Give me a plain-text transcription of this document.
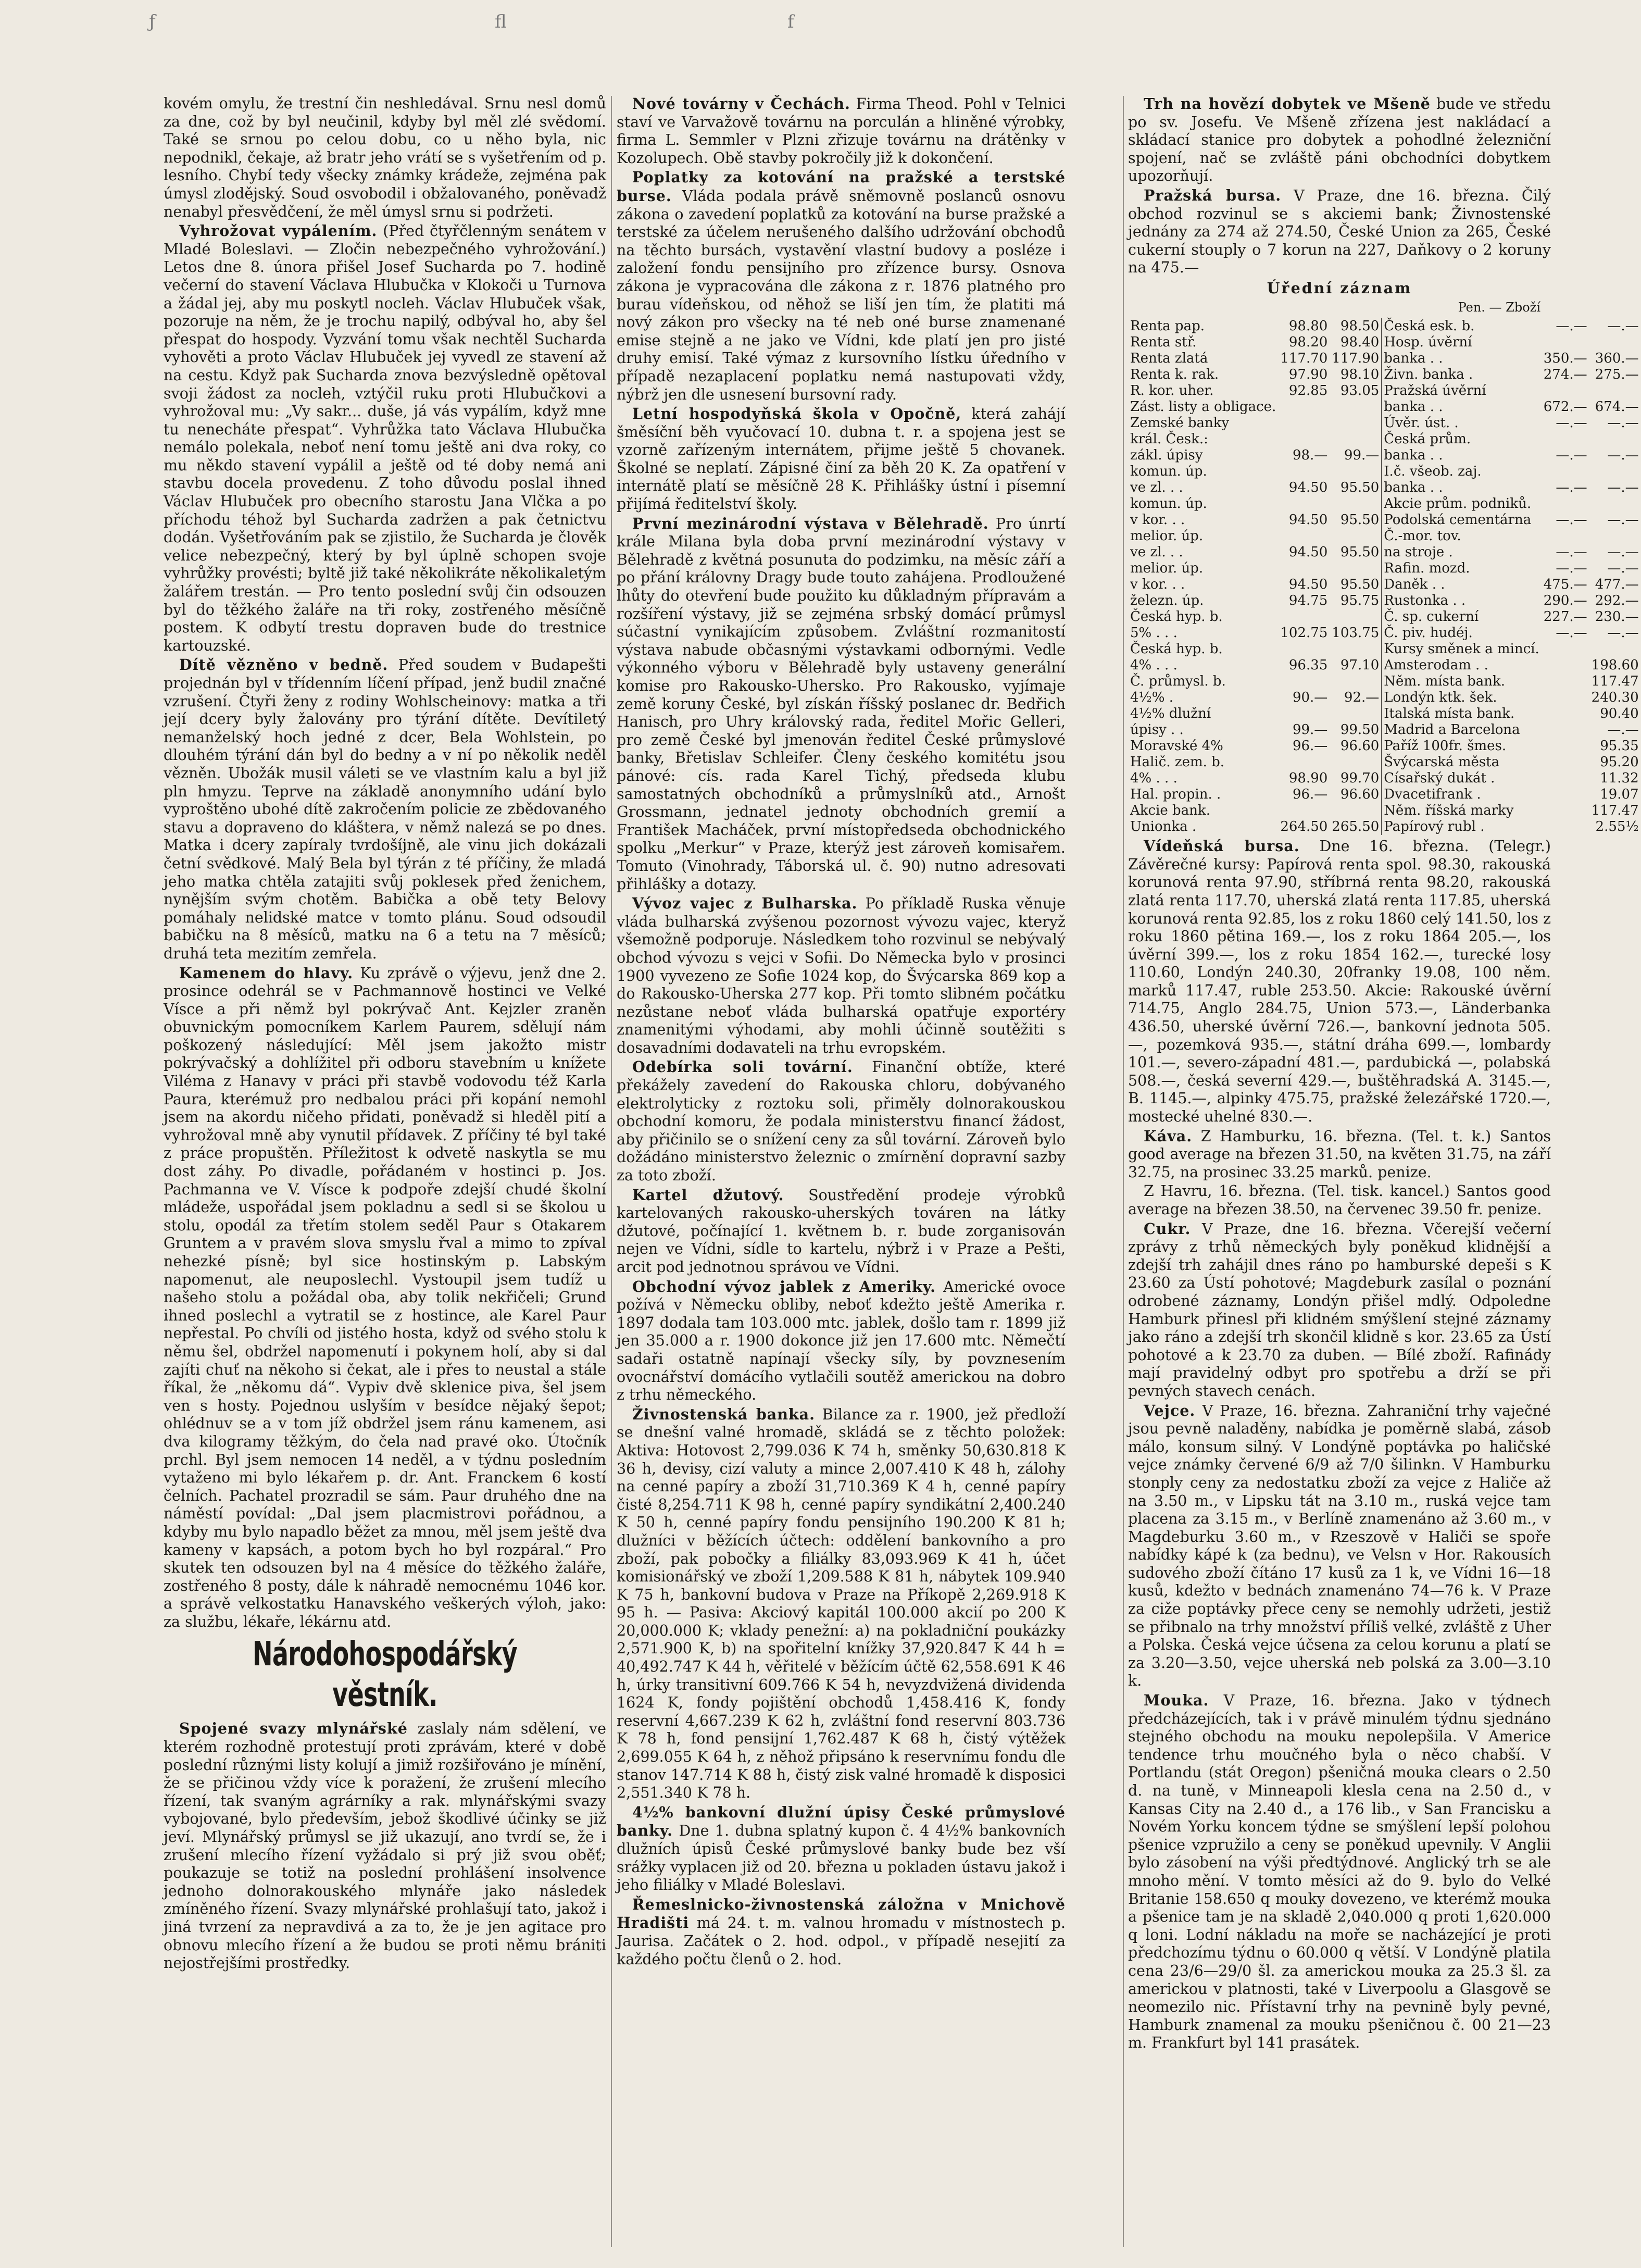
ƒ	fl	f

kovém omylu, že trestní čin neshledával. Srnu nesl domů za dne, což by byl neučinil, kdyby byl měl zlé svědomí. Také se srnou po celou dobu, co u něho byla, nic nepodnikl, čekaje, až bratr jeho vrátí se s vyšetřením od p. lesního. Chybí tedy všecky známky krádeže, zejména pak úmysl zlodějský. Soud osvobodil i obžalovaného, poněvadž nenabyl přesvědčení, že měl úmysl srnu si podržeti.

Vyhrožovat vypálením. (Před čtyřčlenným senátem v Mladé Boleslavi. — Zločin nebezpečného vyhrožování.) Letos dne 8. února přišel Josef Sucharda po 7. hodině večerní do stavení Václava Hlubučka v Klokoči u Turnova a žádal jej, aby mu poskytl nocleh. Václav Hlubuček však, pozoruje na něm, že je trochu napilý, odbýval ho, aby šel přespat do hospody. Vyzvání tomu však nechtěl Sucharda vyhověti a proto Václav Hlubuček jej vyvedl ze stavení až na cestu. Když pak Sucharda znova bezvýsledně opětoval svoji žádost za nocleh, vztýčil ruku proti Hlubučkovi a vyhrožoval mu: „Vy sakr... duše, já vás vypálím, když mne tu nenecháte přespat“. Vyhrůžka tato Václava Hlubučka nemálo polekala, neboť není tomu ještě ani dva roky, co mu někdo stavení vypálil a ještě od té doby nemá ani stavbu docela provedenu. Z toho důvodu poslal ihned Václav Hlubuček pro obecního starostu Jana Vlčka a po příchodu téhož byl Sucharda zadržen a pak četnictvu dodán. Vyšetřováním pak se zjistilo, že Sucharda je člověk velice nebezpečný, který by byl úplně schopen svoje vyhrůžky provésti; byltě již také několikráte několikaletým žalářem trestán. — Pro tento poslední svůj čin odsouzen byl do těžkého žaláře na tři roky, zostřeného měsíčně postem. K odbytí trestu dopraven bude do trestnice kartouzské.

Dítě vězněno v bedně. Před soudem v Budapešti projednán byl v třídenním líčení případ, jenž budil značné vzrušení. Čtyři ženy z rodiny Wohlscheinovy: matka a tři její dcery byly žalovány pro týrání dítěte. Devítiletý nemanželský hoch jedné z dcer, Bela Wohlstein, po dlouhém týrání dán byl do bedny a v ní po několik neděl vězněn. Ubožák musil váleti se ve vlastním kalu a byl již pln hmyzu. Teprve na základě anonymního udání bylo vyproštěno ubohé dítě zakročením policie ze zbědovaného stavu a dopraveno do kláštera, v němž nalezá se po dnes. Matka i dcery zapíraly tvrdošíjně, ale vinu jich dokázali četní svědkové. Malý Bela byl týrán z té příčiny, že mladá jeho matka chtěla zatajiti svůj poklesek před ženichem, nynějším svým chotěm. Babička a obě tety Belovy pomáhaly nelidské matce v tomto plánu. Soud odsoudil babičku na 8 měsíců, matku na 6 a tetu na 7 měsíců; druhá teta mezitím zemřela.

Kamenem do hlavy. Ku zprávě o výjevu, jenž dne 2. prosince odehrál se v Pachmannově hostinci ve Velké Vísce a při němž byl pokrývač Ant. Kejzler zraněn obuvnickým pomocníkem Karlem Paurem, sdělují nám poškozený následující: Měl jsem jakožto mistr pokrývačský a dohlížitel při odboru stavebním u knížete Viléma z Hanavy v práci při stavbě vodovodu též Karla Paura, kterémuž pro nedbalou práci při kopání nemohl jsem na akordu ničeho přidati, poněvadž si hleděl pití a vyhrožoval mně aby vynutil přídavek. Z příčiny té byl také z práce propuštěn. Příležitost k odvetě naskytla se mu dost záhy. Po divadle, pořádaném v hostinci p. Jos. Pachmanna ve V. Vísce k podpoře zdejší chudé školní mládeže, uspořádal jsem pokladnu a sedl si se školou u stolu, opodál za třetím stolem seděl Paur s Otakarem Gruntem a v pravém slova smyslu řval a mimo to zpíval nehezké písně; byl sice hostinským p. Labským napomenut, ale neuposlechl. Vystoupil jsem tudíž u našeho stolu a požádal oba, aby tolik nekřičeli; Grund ihned poslechl a vytratil se z hostince, ale Karel Paur nepřestal. Po chvíli od jistého hosta, když od svého stolu k němu šel, obdržel napomenutí i pokynem holí, aby si dal zajíti chuť na někoho si čekat, ale i přes to neustal a stále říkal, že „někomu dá“. Vypiv dvě sklenice piva, šel jsem ven s hosty. Pojednou uslyším v besídce nějaký šepot; ohlédnuv se a v tom jíž obdržel jsem ránu kamenem, asi dva kilogramy těžkým, do čela nad pravé oko. Útočník prchl. Byl jsem nemocen 14 neděl, a v týdnu posledním vytaženo mi bylo lékařem p. dr. Ant. Franckem 6 kostí čelních. Pachatel prozradil se sám. Paur druhého dne na náměstí povídal: „Dal jsem placmistrovi pořádnou, a kdyby mu bylo napadlo běžet za mnou, měl jsem ještě dva kameny v kapsách, a potom bych ho byl rozpáral.“ Pro skutek ten odsouzen byl na 4 měsíce do těžkého žaláře, zostřeného 8 posty, dále k náhradě nemocnému 1046 kor. a správě velkostatku Hanavského veškerých výloh, jako: za službu, lékaře, lékárnu atd.

Národohospodářský věstník.

Spojené svazy mlynářské zaslaly nám sdělení, ve kterém rozhodně protestují proti zprávám, které v době poslední různými listy kolují a jimiž rozšiřováno je mínění, že se přičinou vždy více k poražení, že zrušení mlecího řízení, tak svaným agrárníky a rak. mlynářskými svazy vybojované, bylo především, jebož škodlivé účinky se již jeví. Mlynářský průmysl se již ukazují, ano tvrdí se, že i zrušení mlecího řízení vyžádalo si prý již svou oběť; poukazuje se totiž na poslední prohlášení insolvence jednoho dolnorakouského mlynáře jako následek zmíněného řízení. Svazy mlynářské prohlašují tato, jakož i jiná tvrzení za nepravdivá a za to, že je jen agitace pro obnovu mlecího řízení a že budou se proti němu brániti nejostřejšími prostředky.

Nové továrny v Čechách. Firma Theod. Pohl v Telnici staví ve Varvažově továrnu na porculán a hliněné výrobky, firma L. Semmler v Plzni zřizuje továrnu na drátěnky v Kozolupech. Obě stavby pokročily již k dokončení.

Poplatky za kotování na pražské a terstské burse. Vláda podala právě sněmovně poslanců osnovu zákona o zavedení poplatků za kotování na burse pražské a terstské za účelem nerušeného dalšího udržování obchodů na těchto bursách, vystavění vlastní budovy a posléze i založení fondu pensijního pro zřízence bursy. Osnova zákona je vypracována dle zákona z r. 1876 platného pro burau vídeňskou, od něhož se liší jen tím, že platiti má nový zákon pro všecky na té neb oné burse znamenané emise stejně a ne jako ve Vídni, kde platí jen pro jisté druhy emisí. Také výmaz z kursovního lístku úředního v případě nezaplacení poplatku nemá nastupovati vždy, nýbrž jen dle usnesení bursovní rady.

Letní hospodyňská škola v Opočně, která zahájí šměsíční běh vyučovací 10. dubna t. r. a spojena jest se vzorně zařízeným internátem, přijme ještě 5 chovanek. Školné se neplatí. Zápisné činí za běh 20 K. Za opatření v internátě platí se měsíčně 28 K. Přihlášky ústní i písemní přijímá ředitelství školy.

První mezinárodní výstava v Bělehradě. Pro únrtí krále Milana byla doba první mezinárodní výstavy v Bělehradě z květná posunuta do podzimku, na měsíc září a po přání královny Dragy bude touto zahájena. Prodloužené lhůty do otevření bude použito ku důkladným přípravám a rozšíření výstavy, již se zejména srbský domácí průmysl súčastní vynikajícím způsobem. Zvláštní rozmanitostí výstava nabude občasnými výstavkami odbornými. Vedle výkonného výboru v Bělehradě byly ustaveny generální komise pro Rakousko-Uhersko. Pro Rakousko, vyjímaje země koruny České, byl získán říšský poslanec dr. Bedřich Hanisch, pro Uhry královský rada, ředitel Mořic Gelleri, pro země České byl jmenován ředitel České průmyslové banky, Břetislav Schleifer. Členy českého komitétu jsou pánové: cís. rada Karel Tichý, předseda klubu samostatných obchodníků a průmyslníků atd., Arnošt Grossmann, jednatel jednoty obchodních gremií a František Macháček, první místopředseda obchodnického spolku „Merkur“ v Praze, kterýž jest zároveň komisařem. Tomuto (Vinohrady, Táborská ul. č. 90) nutno adresovati přihlášky a dotazy.

Vývoz vajec z Bulharska. Po příkladě Ruska věnuje vláda bulharská zvýšenou pozornost vývozu vajec, kteryž všemožně podporuje. Následkem toho rozvinul se nebývalý obchod vývozu s vejci v Sofii. Do Německa bylo v prosinci 1900 vyvezeno ze Sofie 1024 kop, do Švýcarska 869 kop a do Rakousko-Uherska 277 kop. Při tomto slibném počátku nezůstane neboť vláda bulharská opatřuje exportéry znamenitými výhodami, aby mohli účinně soutěžiti s dosavadními dodavateli na trhu evropském.

Odebírka soli tovární. Finanční obtíže, které překážely zavedení do Rakouska chloru, dobývaného elektrolyticky z roztoku soli, přiměly dolnorakouskou obchodní komoru, že podala ministerstvu financí žádost, aby přičinilo se o snížení ceny za sůl tovární. Zároveň bylo dožádáno ministerstvo železnic o zmírnění dopravní sazby za toto zboží.

Kartel džutový. Soustředění prodeje výrobků kartelovaných rakousko-uherských továren na látky džutové, počínající 1. květnem b. r. bude zorganisován nejen ve Vídni, sídle to kartelu, nýbrž i v Praze a Pešti, arcit pod jednotnou správou ve Vídni.

Obchodní vývoz jablek z Ameriky. Americké ovoce požívá v Německu obliby, neboť kdežto ještě Amerika r. 1897 dodala tam 103.000 mtc. jablek, došlo tam r. 1899 již jen 35.000 a r. 1900 dokonce již jen 17.600 mtc. Němečtí sadaři ostatně napínají všecky síly, by povznesením ovocnářství domácího vytlačili soutěž americkou na dobro z trhu německého.

Živnostenská banka. Bilance za r. 1900, jež předloží se dnešní valné hromadě, skládá se z těchto položek: Aktiva: Hotovost 2,799.036 K 74 h, směnky 50,630.818 K 36 h, devisy, cizí valuty a mince 2,007.410 K 48 h, zálohy na cenné papíry a zboží 31,710.369 K 4 h, cenné papíry čisté 8,254.711 K 98 h, cenné papíry syndikátní 2,400.240 K 50 h, cenné papíry fondu pensijního 190.200 K 81 h; dlužníci v běžících účtech: oddělení bankovního a pro zboží, pak pobočky a filiálky 83,093.969 K 41 h, účet komisionářský ve zboží 1,209.588 K 81 h, nábytek 109.940 K 75 h, bankovní budova v Praze na Příkopě 2,269.918 K 95 h. — Pasiva: Akciový kapitál 100.000 akcií po 200 K 20,000.000 K; vklady penežní: a) na pokladniční poukázky 2,571.900 K, b) na spořitelní knížky 37,920.847 K 44 h = 40,492.747 K 44 h, věřitelé v běžícím účtě 62,558.691 K 46 h, úrky transitivní 609.766 K 54 h, nevyzdvižená dividenda 1624 K, fondy pojištění obchodů 1,458.416 K, fondy reservní 4,667.239 K 62 h, zvláštní fond reservní 803.736 K 78 h, fond pensijní 1,762.487 K 68 h, čistý výtěžek 2,699.055 K 64 h, z něhož připsáno k reservnímu fondu dle stanov 147.714 K 88 h, čistý zisk valné hromadě k disposici 2,551.340 K 78 h.

4½% bankovní dlužní úpisy České průmyslové banky. Dne 1. dubna splatný kupon č. 4 4½% bankovních dlužních úpisů České průmyslové banky bude bez vší srážky vyplacen již od 20. března u pokladen ústavu jakož i jeho filiálky v Mladé Boleslavi.

Řemeslnicko-živnostenská záložna v Mnichově Hradišti má 24. t. m. valnou hromadu v místnostech p. Jaurisa. Začátek o 2. hod. odpol., v případě nesejití za každého počtu členů o 2. hod.

Trh na hovězí dobytek ve Mšeně bude ve středu po sv. Josefu. Ve Mšeně zřízena jest nakládací a skládací stanice pro dobytek a pohodlné železniční spojení, nač se zvláště páni obchodníci dobytkem upozorňují.

Pražská bursa. V Praze, dne 16. března. Čilý obchod rozvinul se s akciemi bank; Živnostenské jednány za 274 až 274.50, České Union za 265, České cukerní stouply o 7 korun na 227, Daňkovy o 2 koruny na 475.—

Úřední záznam
Pen. — Zboží
Renta pap.	98.80	98.50	Česká esk. b.	—.—	—.—
Renta stř.	98.20	98.40	Hosp. úvěrní		
Renta zlatá	117.70	117.90	banka . .	350.—	360.—
Renta k. rak.	97.90	98.10	Živn. banka .	274.—	275.—
R. kor. uher.	92.85	93.05	Pražská úvěrní		
Zást. listy a obligace.			banka . .	672.—	674.—
Zemské banky			Úvěr. úst. .	—.—	—.—
král. Česk.:			Česká prům.		
zákl. úpisy	98.—	99.—	banka . .	—.—	—.—
komun. úp.			I.č. všeob. zaj.		
ve zl. . .	94.50	95.50	banka . .	—.—	—.—
komun. úp.			Akcie prům. podniků.		
v kor. . .	94.50	95.50	Podolská cementárna	—.—	—.—
melior. úp.			Č.-mor. tov.		
ve zl. . .	94.50	95.50	na stroje .	—.—	—.—
melior. úp.			Rafin. mozd.	—.—	—.—
v kor. . .	94.50	95.50	Daněk . .	475.—	477.—
železn. úp.	94.75	95.75	Rustonka . .	290.—	292.—
Česká hyp. b.			Č. sp. cukerní	227.—	230.—
5% . . .	102.75	103.75	Č. piv. hudéj.	—.—	—.—
Česká hyp. b.			Kursy směnek a mincí.		
4% . . .	96.35	97.10	Amsterodam . .		198.60
Č. průmysl. b.			Něm. místa bank.		117.47
4½% .	90.—	92.—	Londýn ktk. šek.		240.30
4½% dlužní			Italská místa bank.		90.40
úpisy . .	99.—	99.50	Madrid a Barcelona		—.—
Moravské 4%	96.—	96.60	Paříž 100fr. šmes.		95.35
Halič. zem. b.			Švýcarská města		95.20
4% . . .	98.90	99.70	Císařský dukát .		11.32
Hal. propin. .	96.—	96.60	Dvacetifrank .		19.07
Akcie bank.			Něm. říšská marky		117.47
Unionka .	264.50	265.50	Papírový rubl .		2.55½

Vídeňská bursa. Dne 16. března. (Telegr.) Závěrečné kursy: Papírová renta spol. 98.30, rakouská korunová renta 97.90, stříbrná renta 98.20, rakouská zlatá renta 117.70, uherská zlatá renta 117.85, uherská korunová renta 92.85, los z roku 1860 celý 141.50, los z roku 1860 pětina 169.—, los z roku 1864 205.—, los úvěrní 399.—, los z roku 1854 162.—, turecké losy 110.60, Londýn 240.30, 20franky 19.08, 100 něm. marků 117.47, ruble 253.50. Akcie: Rakouské úvěrní 714.75, Anglo 284.75, Union 573.—, Länderbanka 436.50, uherské úvěrní 726.—, bankovní jednota 505.—, pozemková 935.—, státní dráha 699.—, lombardy 101.—, severo-západní 481.—, pardubická —, polabská 508.—, česká severní 429.—, buštěhradská A. 3145.—, B. 1145.—, alpinky 475.75, pražské železářské 1720.—, mostecké uhelné 830.—.

Káva. Z Hamburku, 16. března. (Tel. t. k.) Santos good average na březen 31.50, na květen 31.75, na září 32.75, na prosinec 33.25 marků. penize.

Z Havru, 16. března. (Tel. tisk. kancel.) Santos good average na březen 38.50, na červenec 39.50 fr. penize.

Cukr. V Praze, dne 16. března. Včerejší večerní zprávy z trhů německých byly poněkud klidnější a zdejší trh zahájil dnes ráno po hamburské depeši s K 23.60 za Ústí pohotové; Magdeburk zasílal o poznání odrobené záznamy, Londýn přišel mdlý. Odpoledne Hamburk přinesl při klidném smýšlení stejné záznamy jako ráno a zdejší trh skončil klidně s kor. 23.65 za Ústí pohotové a k 23.70 za duben. — Bílé zboží. Rafinády mají pravidelný odbyt pro spotřebu a drží se při pevných stavech cenách.

Vejce. V Praze, 16. března. Zahraniční trhy vaječné jsou pevně naladěny, nabídka je poměrně slabá, zásob málo, konsum silný. V Londýně poptávka po haličské vejce známky červené 6/9 až 7/0 šilinkn. V Hamburku stonply ceny za nedostatku zboží za vejce z Haliče až na 3.50 m., v Lipsku tát na 3.10 m., ruská vejce tam placena za 3.15 m., v Berlíně znamenáno až 3.60 m., v Magdeburku 3.60 m., v Rzeszově v Haliči se spoře nabídky kápé k (za bednu), ve Velsn v Hor. Rakousích sudového zboží čítáno 17 kusů za 1 k, ve Vídni 16—18 kusů, kdežto v bednách znamenáno 74—76 k. V Praze za ciže poptávky přece ceny se nemohly udržeti, jestiž se přibnalo na trhy množství příliš velké, zvláště z Uher a Polska. Česká vejce účsena za celou korunu a platí se za 3.20—3.50, vejce uherská neb polská za 3.00—3.10 k.

Mouka. V Praze, 16. března. Jako v týdnech předcházejících, tak i v právě minulém týdnu sjednáno stejného obchodu na mouku nepolepšila. V Americe tendence trhu moučného byla o něco chabší. V Portlandu (stát Oregon) pšeničná mouka clears o 2.50 d. na tuně, v Minneapoli klesla cena na 2.50 d., v Kansas City na 2.40 d., a 176 lib., v San Francisku a Novém Yorku koncem týdne se smýšlení lepší polohou pšenice vzpružilo a ceny se poněkud upevnily. V Anglii bylo zásobení na výši předtýdnové. Anglický trh se ale mnoho mění. V tomto měsíci až do 9. bylo do Velké Britanie 158.650 q mouky dovezeno, ve kterémž mouka a pšenice tam je na skladě 2,040.000 q proti 1,620.000 q loni. Lodní nákladu na moře se nacházející je proti předchozímu týdnu o 60.000 q větší. V Londýně platila cena 23/6—29/0 šl. za americkou mouka za 25.3 šl. za americkou v platnosti, také v Liverpoolu a Glasgově se neomezilo nic. Přístavní trhy na pevnině byly pevné, Hamburk znamenal za mouku pšeničnou č. 00 21—23 m. Frankfurt byl 141 prasátek.
